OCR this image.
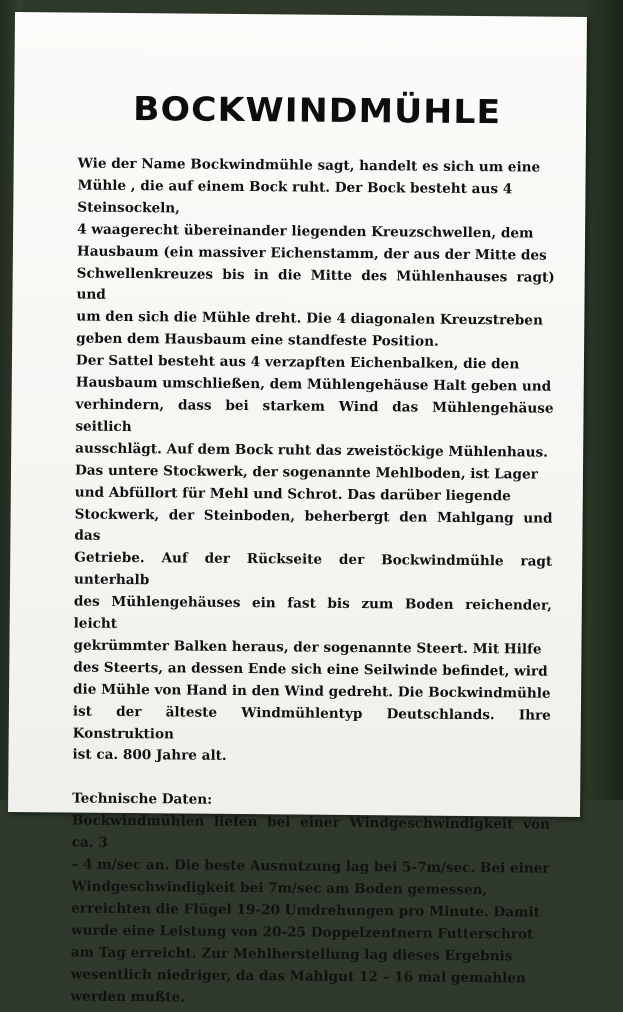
BOCKWINDMÜHLE

Wie der Name Bockwindmühle sagt, handelt es sich um eine
Mühle , die auf einem Bock ruht. Der Bock besteht aus 4
Steinsockeln,
4 waagerecht übereinander liegenden Kreuzschwellen, dem
Hausbaum (ein massiver Eichenstamm, der aus der Mitte des
Schwellenkreuzes bis in die Mitte des Mühlenhauses ragt) und
um den sich die Mühle dreht. Die 4 diagonalen Kreuzstreben
geben dem Hausbaum eine standfeste Position.
Der Sattel besteht aus 4 verzapften Eichenbalken, die den
Hausbaum umschließen, dem Mühlengehäuse Halt geben und
verhindern, dass bei starkem Wind das Mühlengehäuse seitlich
ausschlägt. Auf dem Bock ruht das zweistöckige Mühlenhaus.
Das untere Stockwerk, der sogenannte Mehlboden, ist Lager
und Abfüllort für Mehl und Schrot. Das darüber liegende
Stockwerk, der Steinboden, beherbergt den Mahlgang und das
Getriebe. Auf der Rückseite der Bockwindmühle ragt unterhalb
des Mühlengehäuses ein fast bis zum Boden reichender, leicht
gekrümmter Balken heraus, der sogenannte Steert. Mit Hilfe
des Steerts, an dessen Ende sich eine Seilwinde befindet, wird
die Mühle von Hand in den Wind gedreht. Die Bockwindmühle
ist der älteste Windmühlentyp Deutschlands. Ihre Konstruktion
ist ca. 800 Jahre alt.

Technische Daten:

Bockwindmühlen liefen bei einer Windgeschwindigkeit von ca. 3
– 4 m/sec an. Die beste Ausnutzung lag bei 5-7m/sec. Bei einer
Windgeschwindigkeit bei 7m/sec am Boden gemessen,
erreichten die Flügel 19-20 Umdrehungen pro Minute. Damit
wurde eine Leistung von 20-25 Doppelzentnern Futterschrot
am Tag erreicht. Zur Mehlherstellung lag dieses Ergebnis
wesentlich niedriger, da das Mahlgut 12 – 16 mal gemahlen
werden mußte.
